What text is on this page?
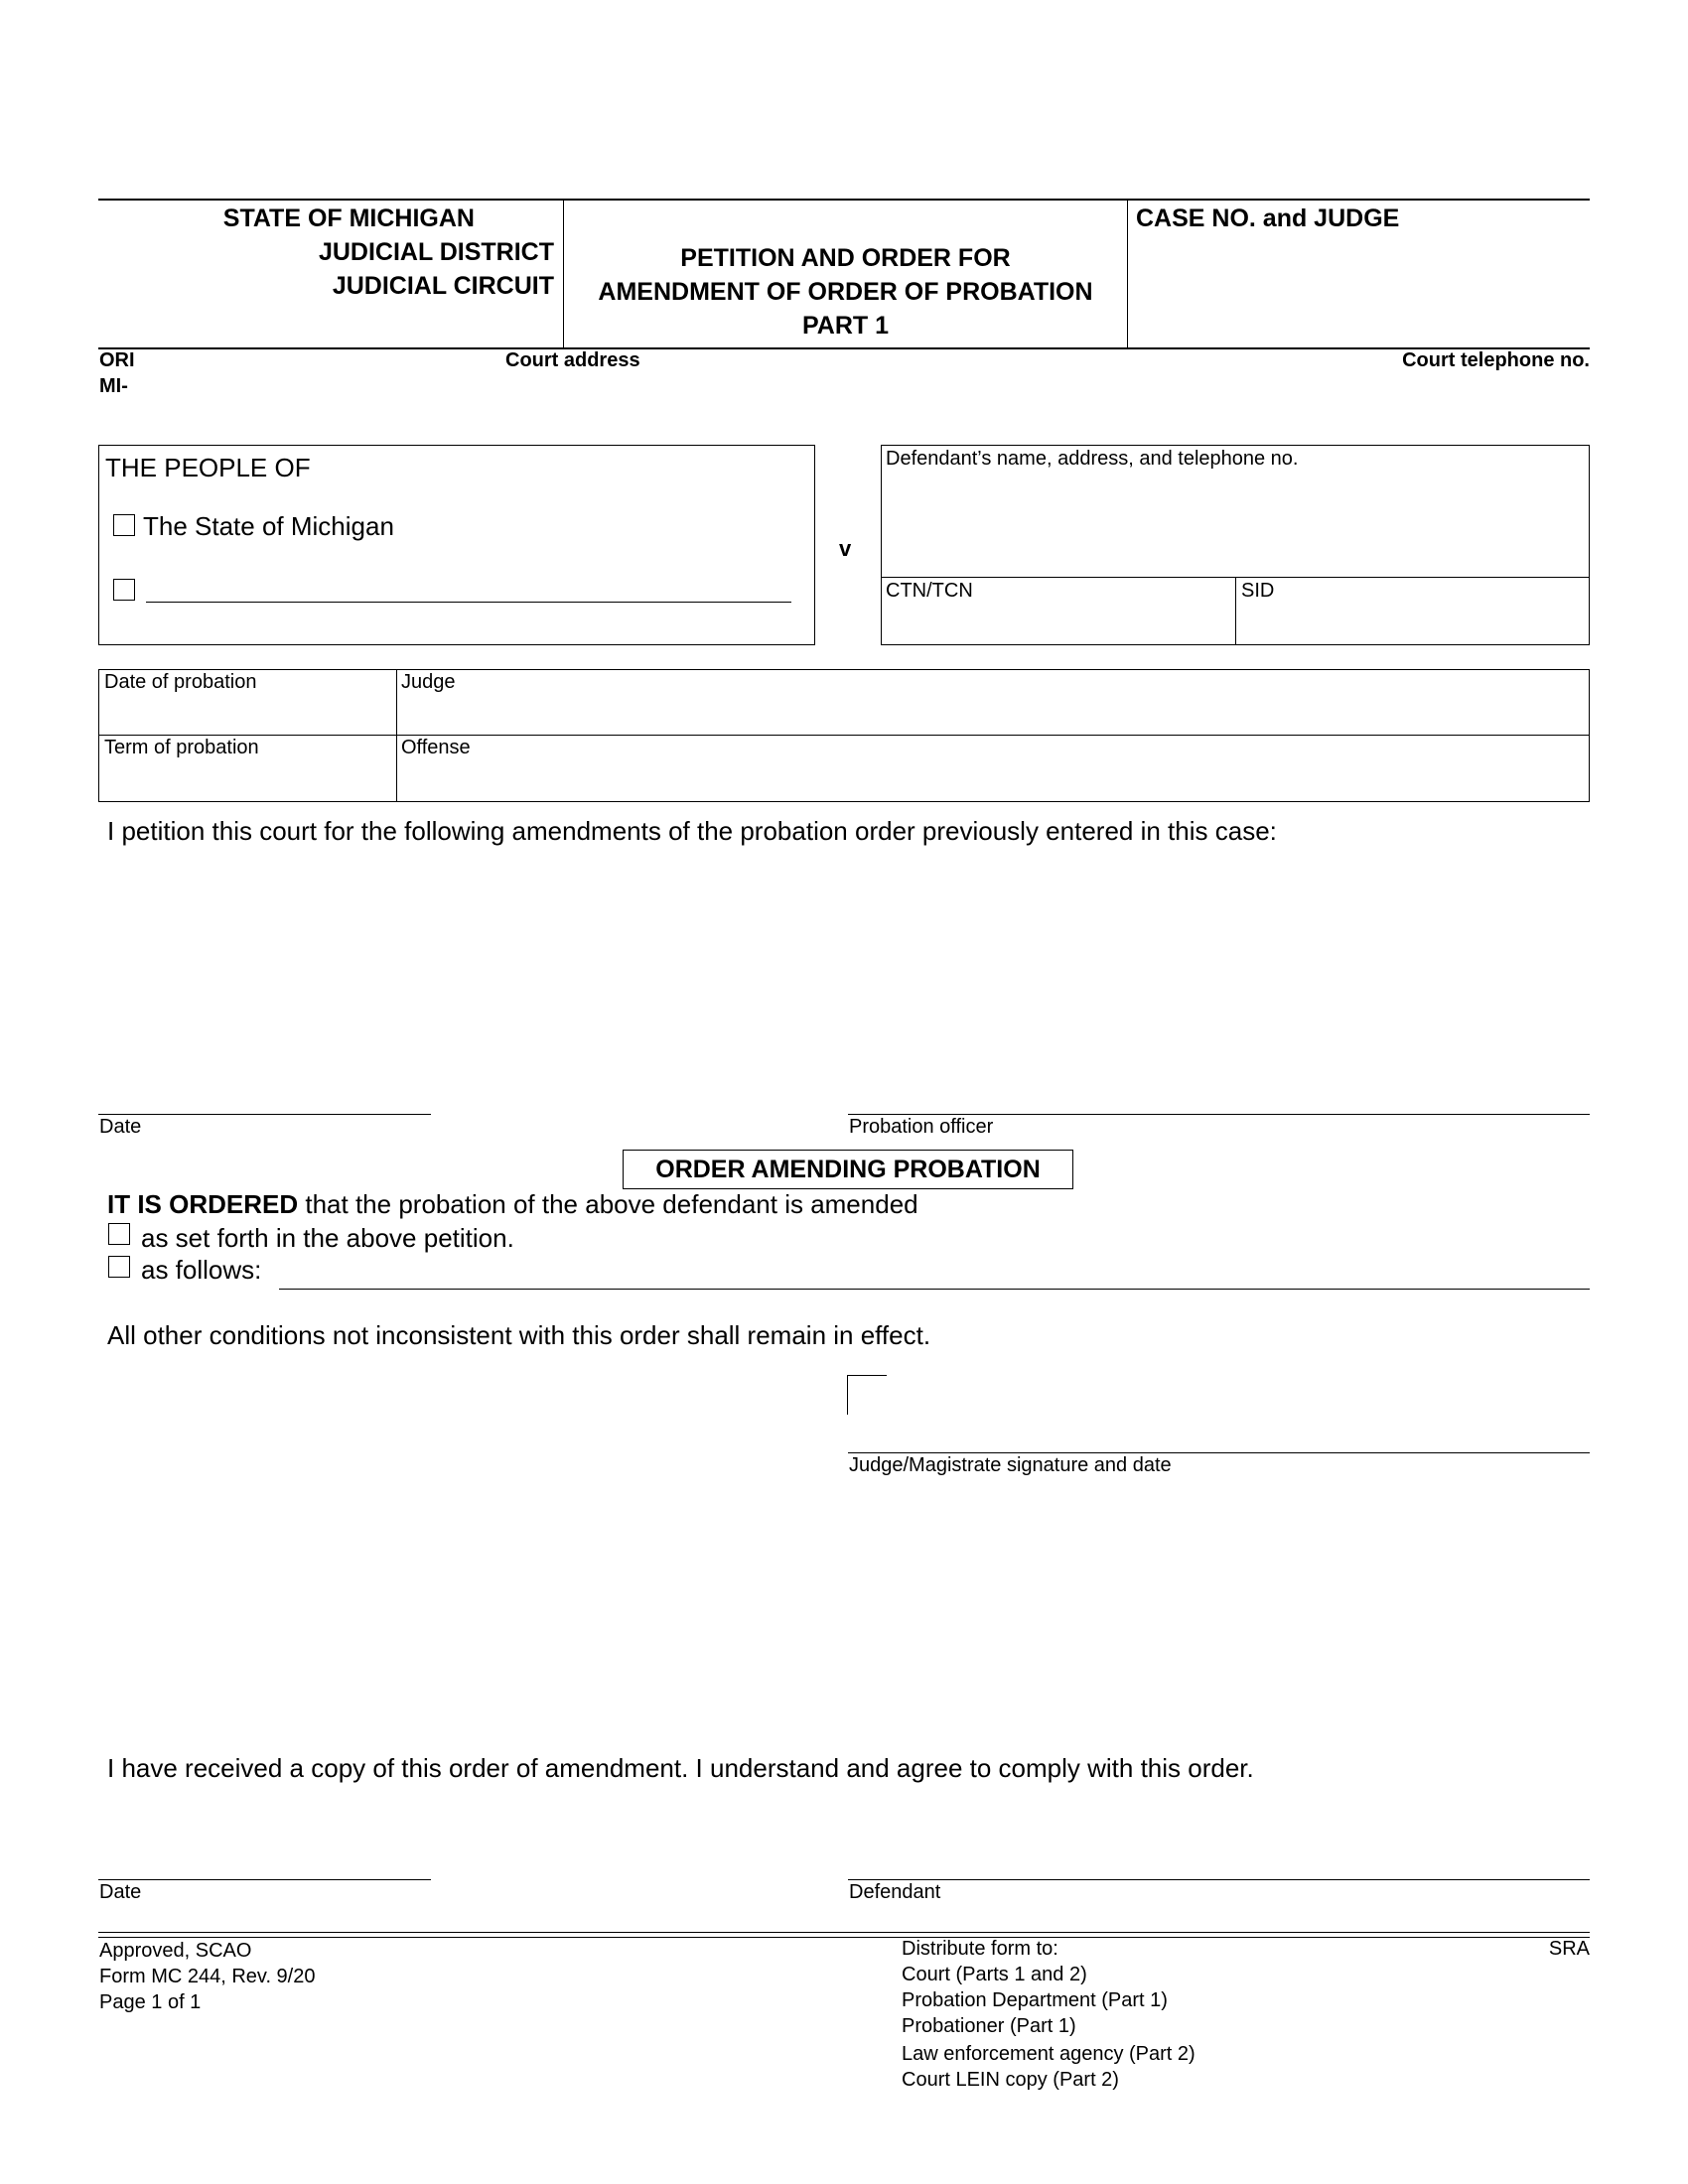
STATE OF MICHIGAN
JUDICIAL DISTRICT
JUDICIAL CIRCUIT
PETITION AND ORDER FOR
AMENDMENT OF ORDER OF PROBATION
PART 1
CASE NO. and JUDGE
ORI
MI-
Court address	Court telephone no.
THE PEOPLE OF
The State of Michigan
v
Defendant’s name, address, and telephone no.
CTN/TCN	SID
Date of probation	Judge
Term of probation	Offense
I petition this court for the following amendments of the probation order previously entered in this case:
Date	Probation officer
ORDER AMENDING PROBATION
IT IS ORDERED that the probation of the above defendant is amended
as set forth in the above petition.
as follows:
All other conditions not inconsistent with this order shall remain in effect.
Judge/Magistrate signature and date
I have received a copy of this order of amendment. I understand and agree to comply with this order.
Date	Defendant
Approved, SCAO
Form MC 244, Rev. 9/20
Page 1 of 1
Distribute form to:
Court (Parts 1 and 2)
Probation Department (Part 1)
Probationer (Part 1)
Law enforcement agency (Part 2)
Court LEIN copy (Part 2)
SRA
